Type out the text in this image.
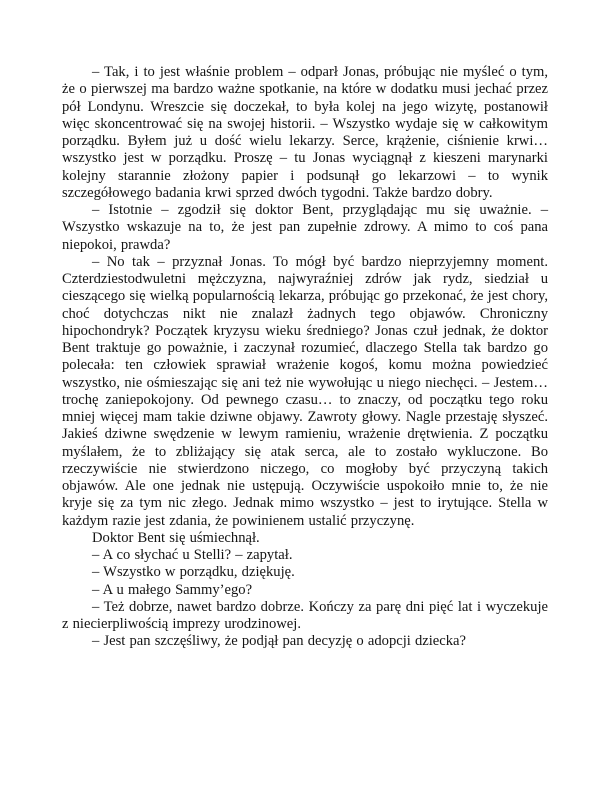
– Tak, i to jest właśnie problem – odparł Jonas, próbując nie myśleć o tym, że o pierwszej ma bardzo ważne spotkanie, na które w dodatku musi jechać przez pół Londynu. Wreszcie się doczekał, to była kolej na jego wizytę, postanowił więc skoncentrować się na swojej historii. – Wszystko wydaje się w całkowitym porządku. Byłem już u dość wielu lekarzy. Serce, krążenie, ciśnienie krwi… wszystko jest w porządku. Proszę – tu Jonas wyciągnął z kieszeni marynarki kolejny starannie złożony papier i podsunął go lekarzowi – to wynik szczegółowego badania krwi sprzed dwóch tygodni. Także bardzo dobry.

– Istotnie – zgodził się doktor Bent, przyglądając mu się uważnie. – Wszystko wskazuje na to, że jest pan zupełnie zdrowy. A mimo to coś pana niepokoi, prawda?

– No tak – przyznał Jonas. To mógł być bardzo nieprzyjemny moment. Czterdziestodwuletni mężczyzna, najwyraźniej zdrów jak rydz, siedział u cieszącego się wielką popularnością lekarza, próbując go przekonać, że jest chory, choć dotychczas nikt nie znalazł żadnych tego objawów. Chroniczny hipochondryk? Początek kryzysu wieku średniego? Jonas czuł jednak, że doktor Bent traktuje go poważnie, i zaczynał rozumieć, dlaczego Stella tak bardzo go polecała: ten człowiek sprawiał wrażenie kogoś, komu można powiedzieć wszystko, nie ośmieszając się ani też nie wywołując u niego niechęci. – Jestem… trochę zaniepokojony. Od pewnego czasu… to znaczy, od początku tego roku mniej więcej mam takie dziwne objawy. Zawroty głowy. Nagle przestaję słyszeć. Jakieś dziwne swędzenie w lewym ramieniu, wrażenie drętwienia. Z początku myślałem, że to zbliżający się atak serca, ale to zostało wykluczone. Bo rzeczywiście nie stwierdzono niczego, co mogłoby być przyczyną takich objawów. Ale one jednak nie ustępują. Oczywiście uspokoiło mnie to, że nie kryje się za tym nic złego. Jednak mimo wszystko – jest to irytujące. Stella w każdym razie jest zdania, że powinienem ustalić przyczynę.

Doktor Bent się uśmiechnął.

– A co słychać u Stelli? – zapytał.

– Wszystko w porządku, dziękuję.

– A u małego Sammy’ego?

– Też dobrze, nawet bardzo dobrze. Kończy za parę dni pięć lat i wyczekuje z niecierpliwością imprezy urodzinowej.

– Jest pan szczęśliwy, że podjął pan decyzję o adopcji dziecka?
